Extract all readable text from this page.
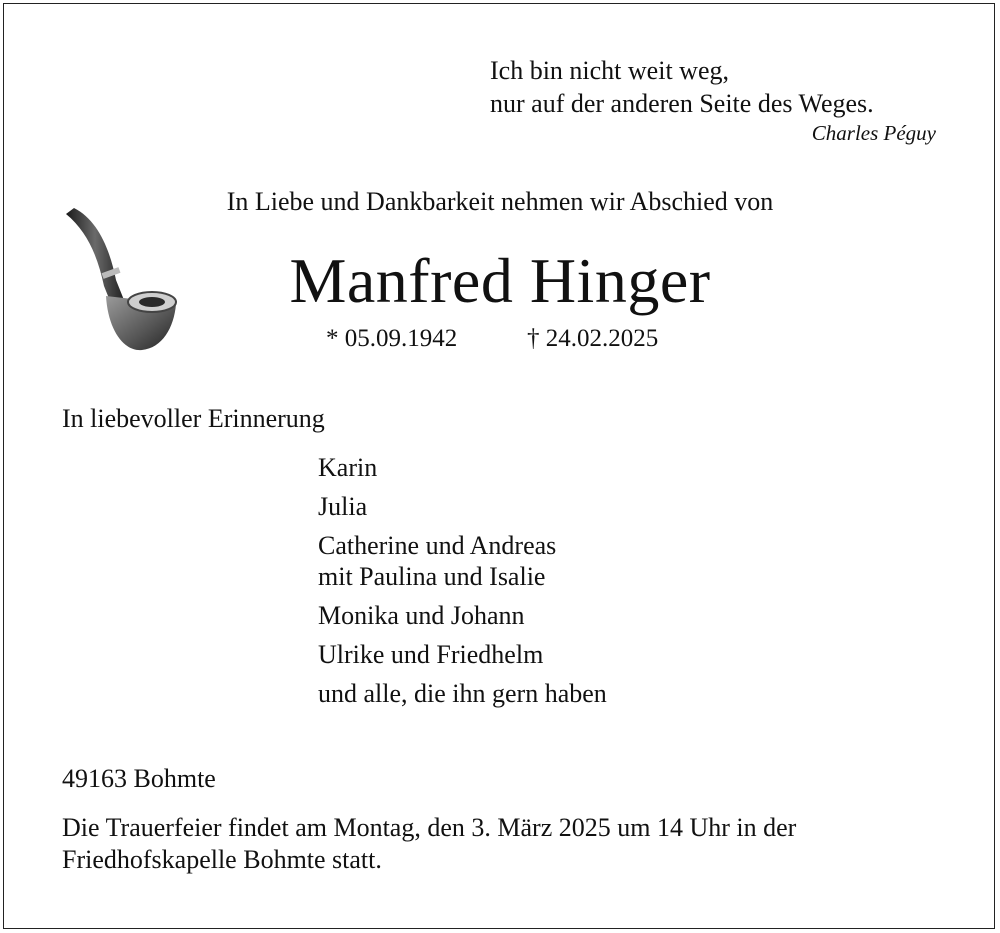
Ich bin nicht weit weg,
nur auf der anderen Seite des Weges.
Charles Péguy
In Liebe und Dankbarkeit nehmen wir Abschied von
Manfred Hinger
* 05.09.1942	† 24.02.2025
In liebevoller Erinnerung
Karin
Julia
Catherine und Andreas
mit Paulina und Isalie
Monika und Johann
Ulrike und Friedhelm
und alle, die ihn gern haben
49163 Bohmte
Die Trauerfeier findet am Montag, den 3. März 2025 um 14 Uhr in der Friedhofskapelle Bohmte statt.
